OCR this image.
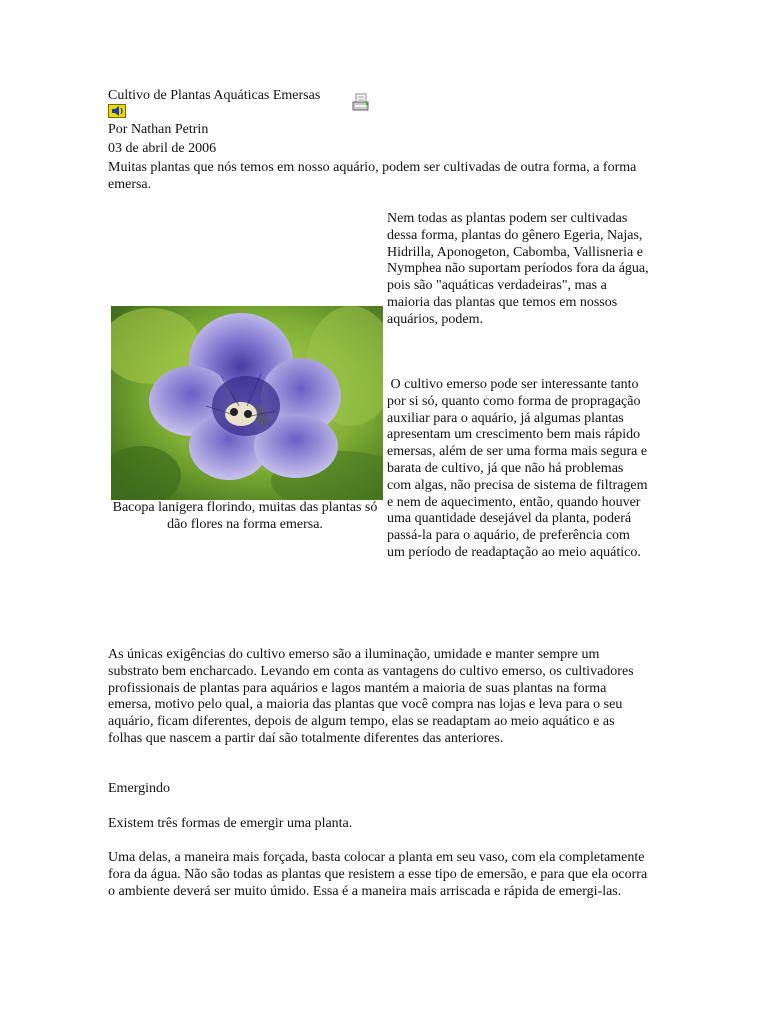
Cultivo de Plantas Aquáticas Emersas

Por Nathan Petrin

03 de abril de 2006

Muitas plantas que nós temos em nosso aquário, podem ser cultivadas de outra forma, a forma emersa.

Nem todas as plantas podem ser cultivadas dessa forma, plantas do gênero Egeria, Najas, Hidrilla, Aponogeton, Cabomba, Vallisneria e Nymphea não suportam períodos fora da água, pois são "aquáticas verdadeiras", mas a maioria das plantas que temos em nossos aquários, podem.

O cultivo emerso pode ser interessante tanto por si só, quanto como forma de propragação auxiliar para o aquário, já algumas plantas apresentam um crescimento bem mais rápido emersas, além de ser uma forma mais segura e barata de cultivo, já que não há problemas com algas, não precisa de sistema de filtragem e nem de aquecimento, então, quando houver uma quantidade desejável da planta, poderá passá-la para o aquário, de preferência com um período de readaptação ao meio aquático.

Bacopa lanigera florindo, muitas das plantas só dão flores na forma emersa.

As únicas exigências do cultivo emerso são a iluminação, umidade e manter sempre um substrato bem encharcado. Levando em conta as vantagens do cultivo emerso, os cultivadores profissionais de plantas para aquários e lagos mantém a maioria de suas plantas na forma emersa, motivo pelo qual, a maioria das plantas que você compra nas lojas e leva para o seu aquário, ficam diferentes, depois de algum tempo, elas se readaptam ao meio aquático e as folhas que nascem a partir daí são totalmente diferentes das anteriores.

Emergindo

Existem três formas de emergir uma planta.

Uma delas, a maneira mais forçada, basta colocar a planta em seu vaso, com ela completamente fora da água. Não são todas as plantas que resistem a esse tipo de emersão, e para que ela ocorra o ambiente deverá ser muito úmido. Essa é a maneira mais arriscada e rápida de emergi-las.
